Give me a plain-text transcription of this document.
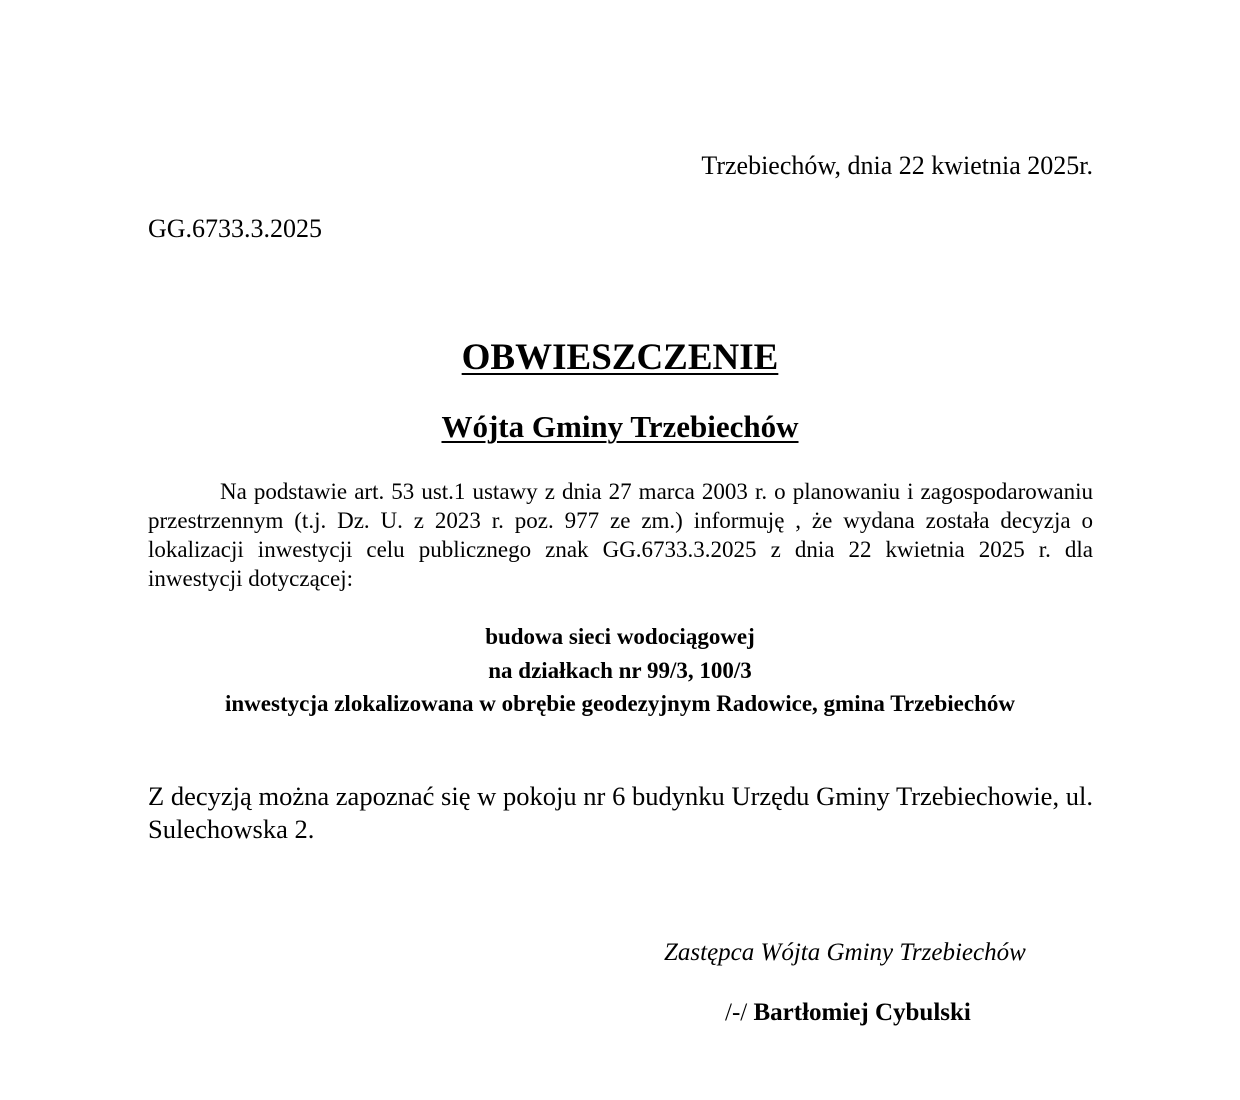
Trzebiechów, dnia 22 kwietnia 2025r.
GG.6733.3.2025
OBWIESZCZENIE
Wójta Gminy Trzebiechów

Na podstawie art. 53 ust.1 ustawy z dnia 27 marca 2003 r. o planowaniu i zagospodarowaniu przestrzennym (t.j. Dz. U. z 2023 r. poz. 977 ze zm.) informuję , że wydana została decyzja o lokalizacji inwestycji celu publicznego znak GG.6733.3.2025 z dnia 22 kwietnia 2025 r. dla inwestycji dotyczącej:

budowa sieci wodociągowej
na działkach nr 99/3, 100/3
inwestycja zlokalizowana w obrębie geodezyjnym Radowice, gmina Trzebiechów

Z decyzją można zapoznać się w pokoju nr 6 budynku Urzędu Gminy Trzebiechowie, ul. Sulechowska 2.

Zastępca Wójta Gminy Trzebiechów
/-/ Bartłomiej Cybulski
